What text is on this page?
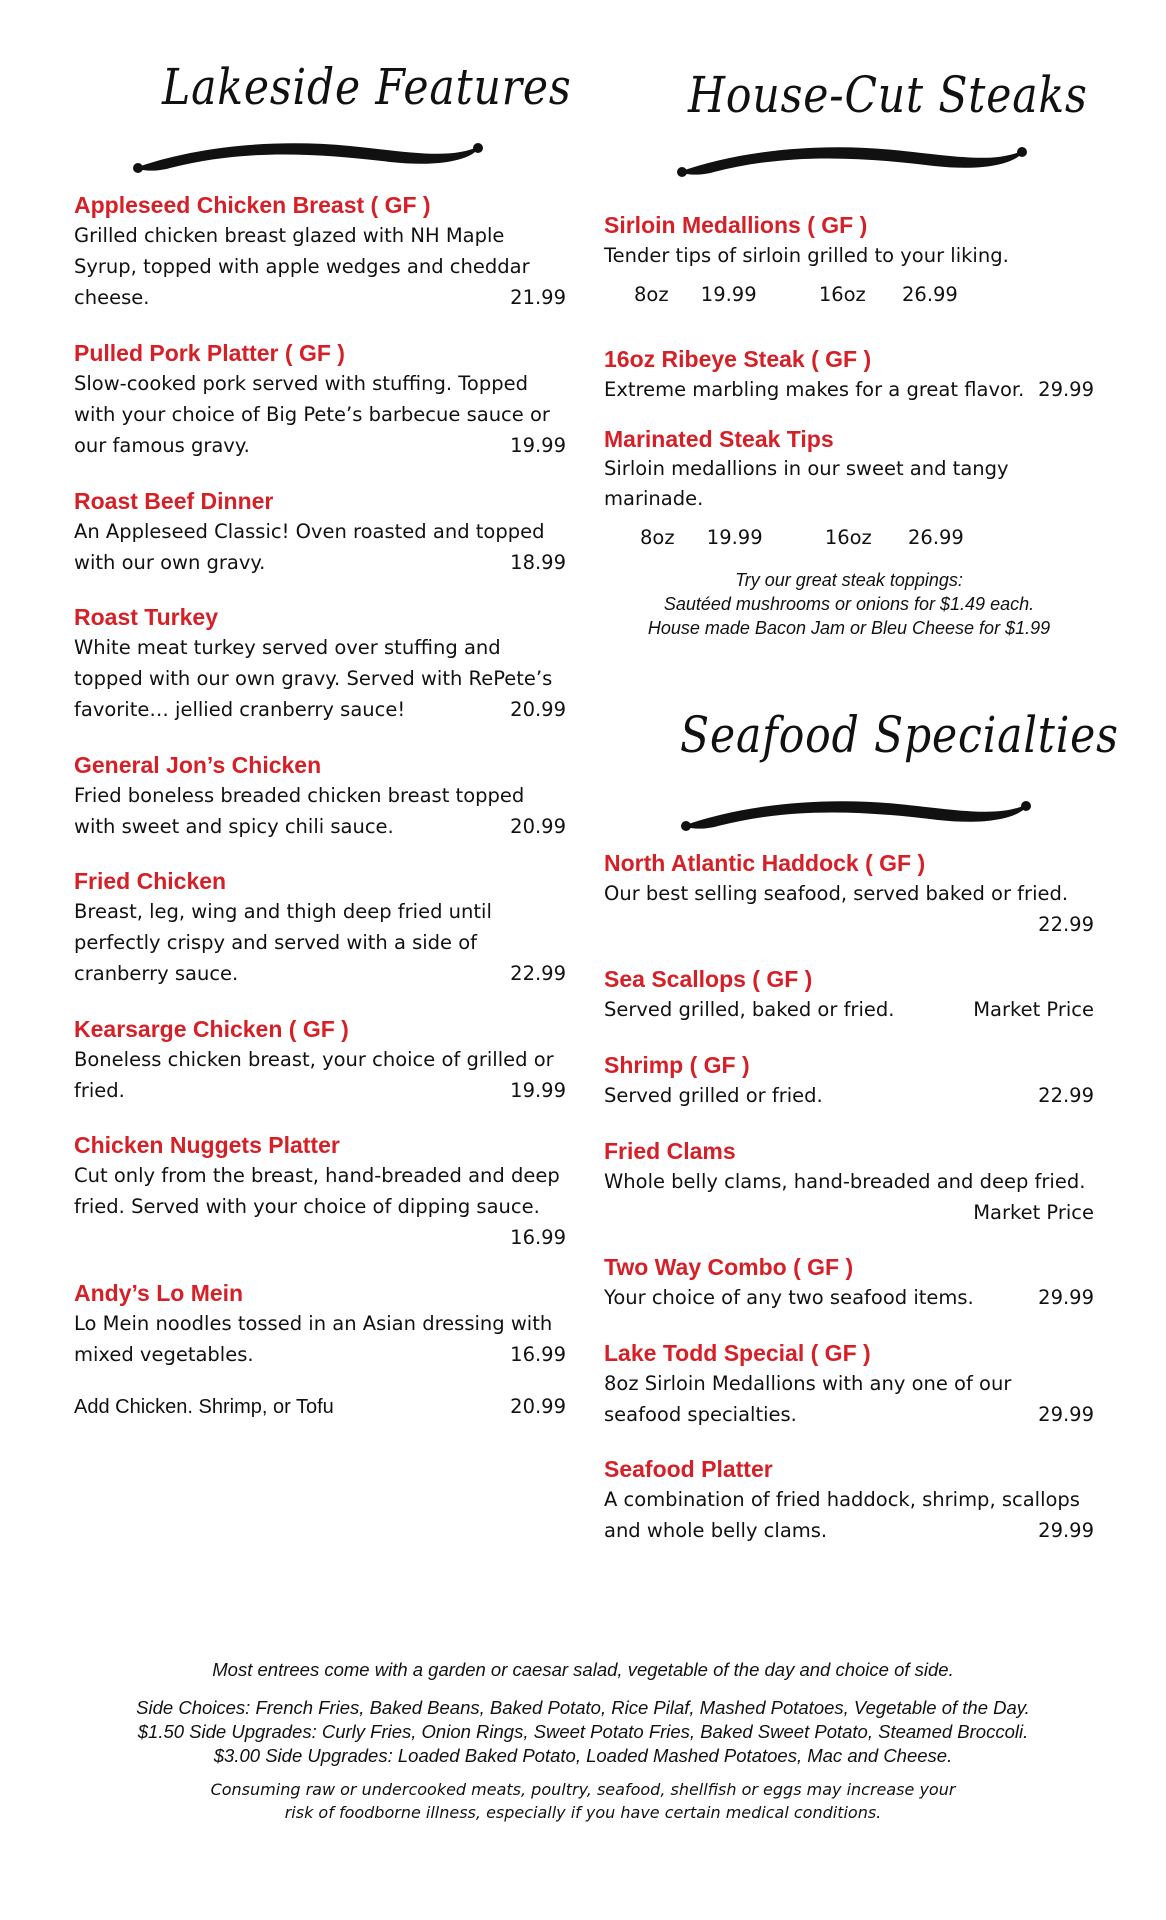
Lakeside Features

Appleseed Chicken Breast ( GF )

Grilled chicken breast glazed with NH Maple Syrup, topped with apple wedges and cheddar cheese.	21.99

Pulled Pork Platter ( GF )

Slow-cooked pork served with stuffing. Topped with your choice of Big Pete’s barbecue sauce or our famous gravy.	19.99

Roast Beef Dinner

An Appleseed Classic! Oven roasted and topped with our own gravy.	18.99

Roast Turkey

White meat turkey served over stuffing and topped with our own gravy. Served with RePete’s favorite… jellied cranberry sauce!	20.99

General Jon’s Chicken

Fried boneless breaded chicken breast topped with sweet and spicy chili sauce.	20.99

Fried Chicken

Breast, leg, wing and thigh deep fried until perfectly crispy and served with a side of cranberry sauce.	22.99

Kearsarge Chicken ( GF )

Boneless chicken breast, your choice of grilled or fried.	19.99

Chicken Nuggets Platter

Cut only from the breast, hand-breaded and deep fried. Served with your choice of dipping sauce.

16.99

Andy’s Lo Mein

Lo Mein noodles tossed in an Asian dressing with mixed vegetables.	16.99

Add Chicken. Shrimp, or Tofu	20.99
House-Cut Steaks

Sirloin Medallions ( GF )

Tender tips of sirloin grilled to your liking.

8oz 19.99	16oz 26.99

16oz Ribeye Steak ( GF )

Extreme marbling makes for a great flavor. 29.99

Marinated Steak Tips

Sirloin medallions in our sweet and tangy marinade.

8oz 19.99	16oz 26.99
Try our great steak toppings:
Sautéed mushrooms or onions for $1.49 each.
House made Bacon Jam or Bleu Cheese for $1.99
Seafood Specialties

North Atlantic Haddock ( GF )

Our best selling seafood, served baked or fried.

22.99

Sea Scallops ( GF )

Served grilled, baked or fried.	Market Price

Shrimp ( GF )

Served grilled or fried.	22.99

Fried Clams

Whole belly clams, hand-breaded and deep fried.

Market Price

Two Way Combo ( GF )

Your choice of any two seafood items.	29.99

Lake Todd Special ( GF )

8oz Sirloin Medallions with any one of our seafood specialties.	29.99

Seafood Platter

A combination of fried haddock, shrimp, scallops and whole belly clams.	29.99

Most entrees come with a garden or caesar salad, vegetable of the day and choice of side.
Side Choices: French Fries, Baked Beans, Baked Potato, Rice Pilaf, Mashed Potatoes, Vegetable of the Day.
$1.50 Side Upgrades: Curly Fries, Onion Rings, Sweet Potato Fries, Baked Sweet Potato, Steamed Broccoli.
$3.00 Side Upgrades: Loaded Baked Potato, Loaded Mashed Potatoes, Mac and Cheese.
Consuming raw or undercooked meats, poultry, seafood, shellfish or eggs may increase your
risk of foodborne illness, especially if you have certain medical conditions.
